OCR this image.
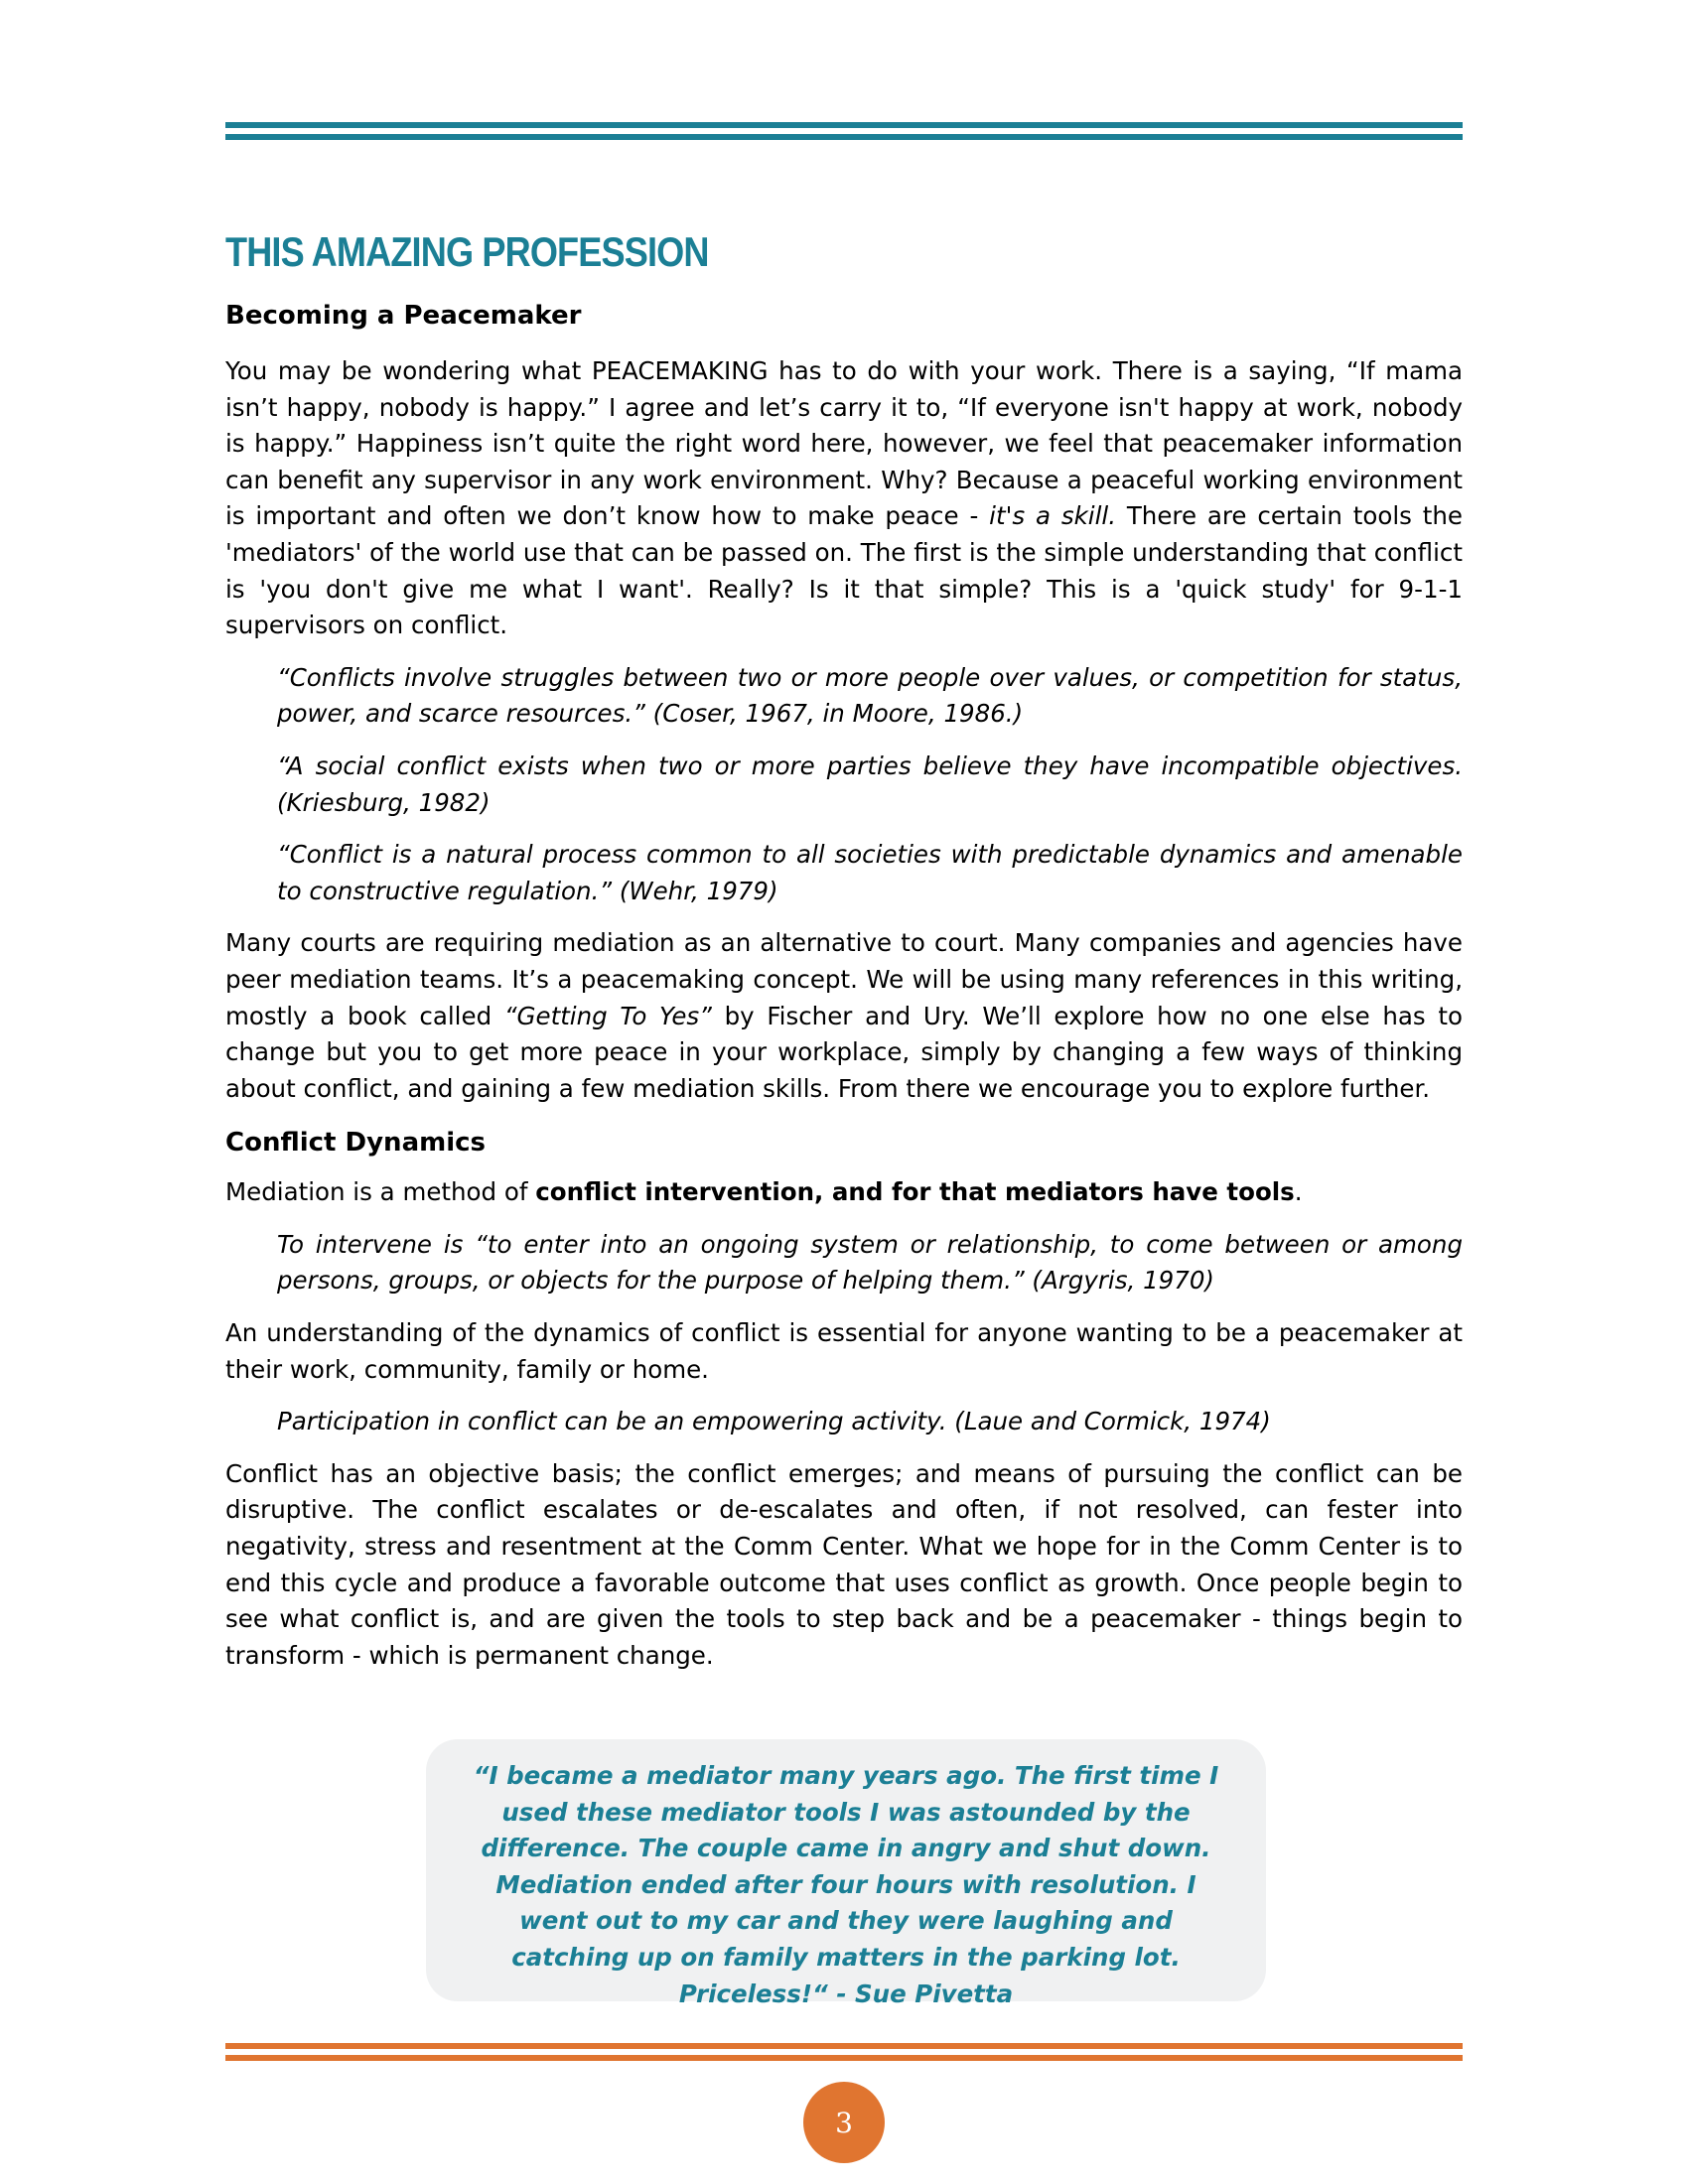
THIS AMAZING PROFESSION
Becoming a Peacemaker

You may be wondering what PEACEMAKING has to do with your work. There is a saying, “If mama isn’t happy, nobody is happy.” I agree and let’s carry it to, “If everyone isn't happy at work, nobody is happy.” Happiness isn’t quite the right word here, however, we feel that peacemaker information can benefit any supervisor in any work environment. Why? Because a peaceful working environment is important and often we don’t know how to make peace - it's a skill. There are certain tools the 'mediators' of the world use that can be passed on. The first is the simple understanding that conflict is 'you don't give me what I want'. Really? Is it that simple? This is a 'quick study' for 9-1-1 supervisors on conflict.

“Conflicts involve struggles between two or more people over values, or competition for status, power, and scarce resources.” (Coser, 1967, in Moore, 1986.)

“A social conflict exists when two or more parties believe they have incompatible objectives. (Kriesburg, 1982)

“Conflict is a natural process common to all societies with predictable dynamics and amenable to constructive regulation.” (Wehr, 1979)

Many courts are requiring mediation as an alternative to court. Many companies and agencies have peer mediation teams. It’s a peacemaking concept. We will be using many references in this writing, mostly a book called “Getting To Yes” by Fischer and Ury. We’ll explore how no one else has to change but you to get more peace in your workplace, simply by changing a few ways of thinking about conflict, and gaining a few mediation skills. From there we encourage you to explore further.

Conflict Dynamics

Mediation is a method of conflict intervention, and for that mediators have tools.

To intervene is “to enter into an ongoing system or relationship, to come between or among persons, groups, or objects for the purpose of helping them.” (Argyris, 1970)

An understanding of the dynamics of conflict is essential for anyone wanting to be a peacemaker at their work, community, family or home.

Participation in conflict can be an empowering activity. (Laue and Cormick, 1974)

Conflict has an objective basis; the conflict emerges; and means of pursuing the conflict can be disruptive. The conflict escalates or de-escalates and often, if not resolved, can fester into negativity, stress and resentment at the Comm Center. What we hope for in the Comm Center is to end this cycle and produce a favorable outcome that uses conflict as growth. Once people begin to see what conflict is, and are given the tools to step back and be a peacemaker - things begin to transform - which is permanent change.

“I became a mediator many years ago. The first time I used these mediator tools I was astounded by the difference. The couple came in angry and shut down. Mediation ended after four hours with resolution. I went out to my car and they were laughing and catching up on family matters in the parking lot. Priceless!“ - Sue Pivetta
3
